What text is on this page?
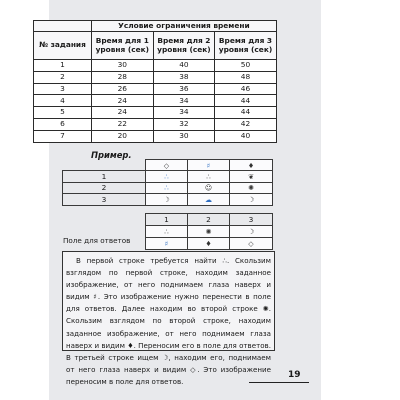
	Условие ограничения времени		
№ задания	Время для 1 уровня (сек)	Время для 2 уровня (сек)	Время для 3 уровня (сек)
1	30	40	50
2	28	38	48
3	26	36	46
4	24	34	44
5	24	34	44
6	22	32	42
7	20	30	40
Пример.
	◇	♯	♦
1	∴	∴	❦
2	∴	☺	✺
3	☽	☁	☽
1	2	3
∴	✺	☽
♯	♦	◇
Поле для ответов

В первой строке требуется найти ∴. Скользим взглядом по первой строке, находим заданное изображение, от него поднимаем глаза наверх и видим ♯. Это изображение нужно перенести в поле для ответов. Далее находим во второй строке ✺. Скользим взглядом по второй строке, находим заданное изображение, от него поднимаем глаза наверх и видим ♦. Переносим его в поле для ответов. В третьей строке ищем ☽, находим его, поднимаем от него глаза наверх и видим ◇. Это изображение переносим в поле для ответов.

19
